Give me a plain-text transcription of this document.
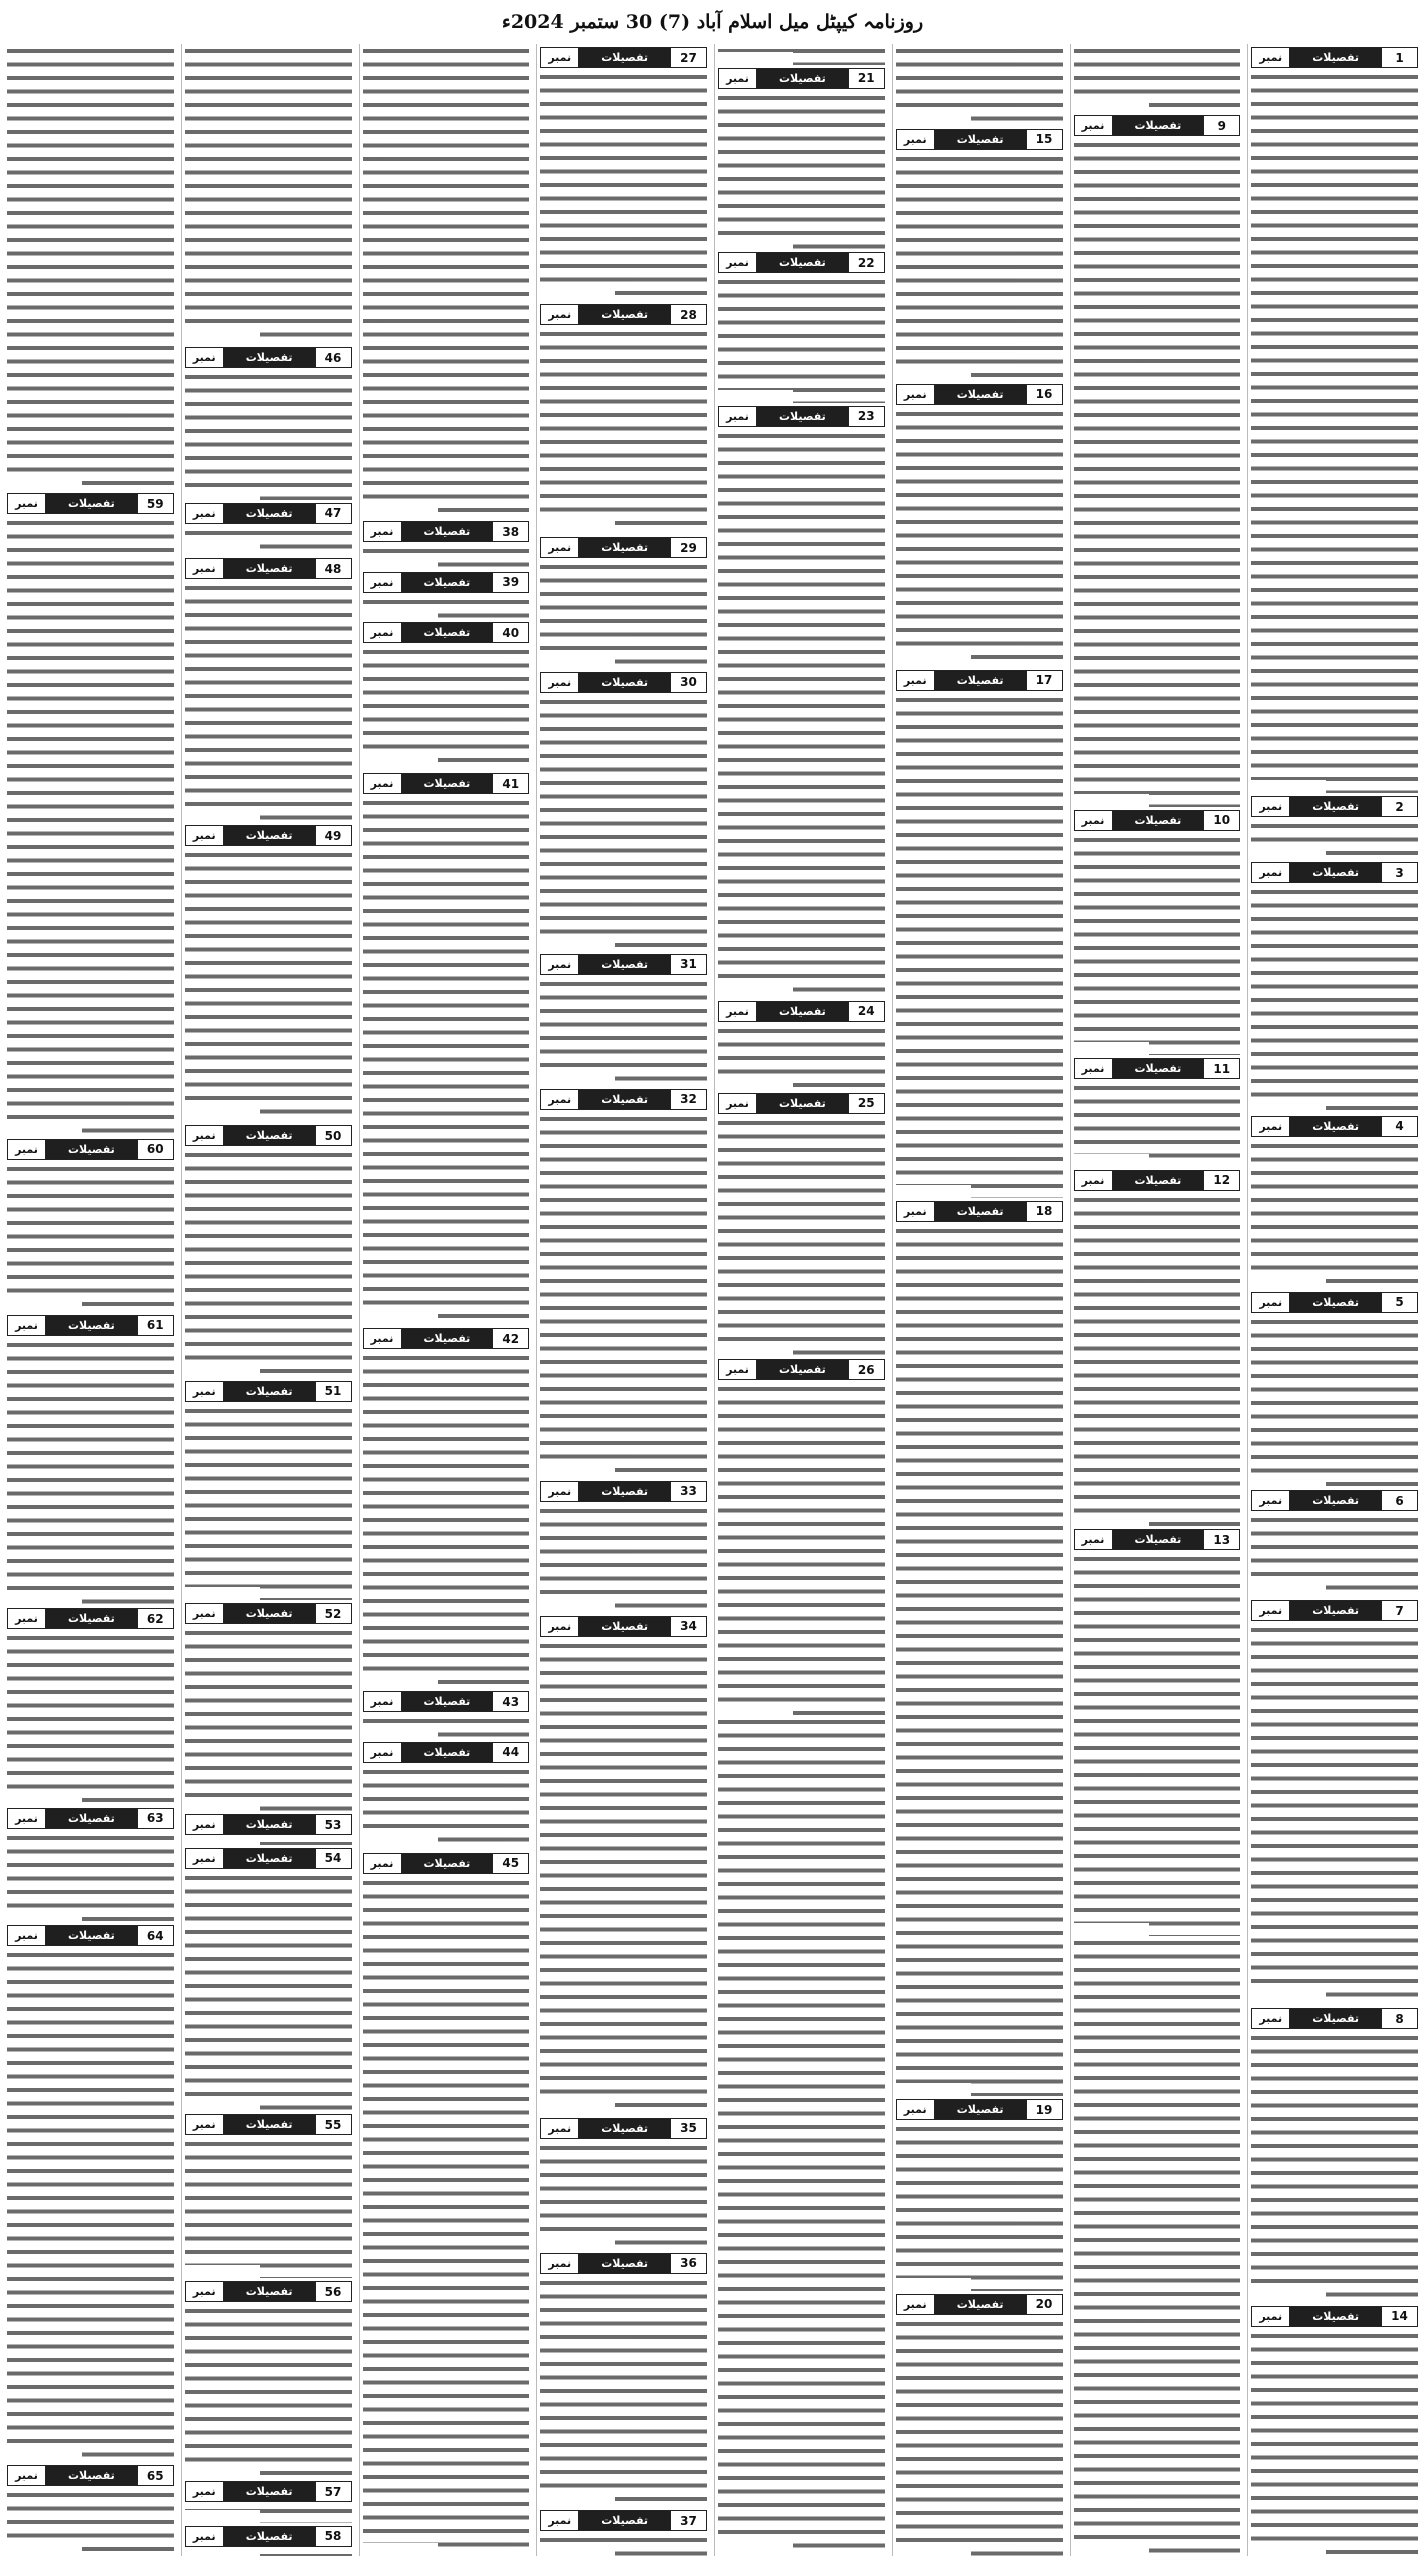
روزنامہ کیپٹل میل اسلام آباد (7) 30 ستمبر 2024ء
1
تفصیلات
نمبر
2
تفصیلات
نمبر
3
تفصیلات
نمبر
4
تفصیلات
نمبر
5
تفصیلات
نمبر
6
تفصیلات
نمبر
7
تفصیلات
نمبر
8
تفصیلات
نمبر
14
تفصیلات
نمبر
9
تفصیلات
نمبر
10
تفصیلات
نمبر
11
تفصیلات
نمبر
12
تفصیلات
نمبر
13
تفصیلات
نمبر
15
تفصیلات
نمبر
16
تفصیلات
نمبر
17
تفصیلات
نمبر
18
تفصیلات
نمبر
19
تفصیلات
نمبر
20
تفصیلات
نمبر
21
تفصیلات
نمبر
22
تفصیلات
نمبر
23
تفصیلات
نمبر
24
تفصیلات
نمبر
25
تفصیلات
نمبر
26
تفصیلات
نمبر
27
تفصیلات
نمبر
28
تفصیلات
نمبر
29
تفصیلات
نمبر
30
تفصیلات
نمبر
31
تفصیلات
نمبر
32
تفصیلات
نمبر
33
تفصیلات
نمبر
34
تفصیلات
نمبر
35
تفصیلات
نمبر
36
تفصیلات
نمبر
37
تفصیلات
نمبر
38
تفصیلات
نمبر
39
تفصیلات
نمبر
40
تفصیلات
نمبر
41
تفصیلات
نمبر
42
تفصیلات
نمبر
43
تفصیلات
نمبر
44
تفصیلات
نمبر
45
تفصیلات
نمبر
46
تفصیلات
نمبر
47
تفصیلات
نمبر
48
تفصیلات
نمبر
49
تفصیلات
نمبر
50
تفصیلات
نمبر
51
تفصیلات
نمبر
52
تفصیلات
نمبر
53
تفصیلات
نمبر
54
تفصیلات
نمبر
55
تفصیلات
نمبر
56
تفصیلات
نمبر
57
تفصیلات
نمبر
58
تفصیلات
نمبر
59
تفصیلات
نمبر
60
تفصیلات
نمبر
61
تفصیلات
نمبر
62
تفصیلات
نمبر
63
تفصیلات
نمبر
64
تفصیلات
نمبر
65
تفصیلات
نمبر
